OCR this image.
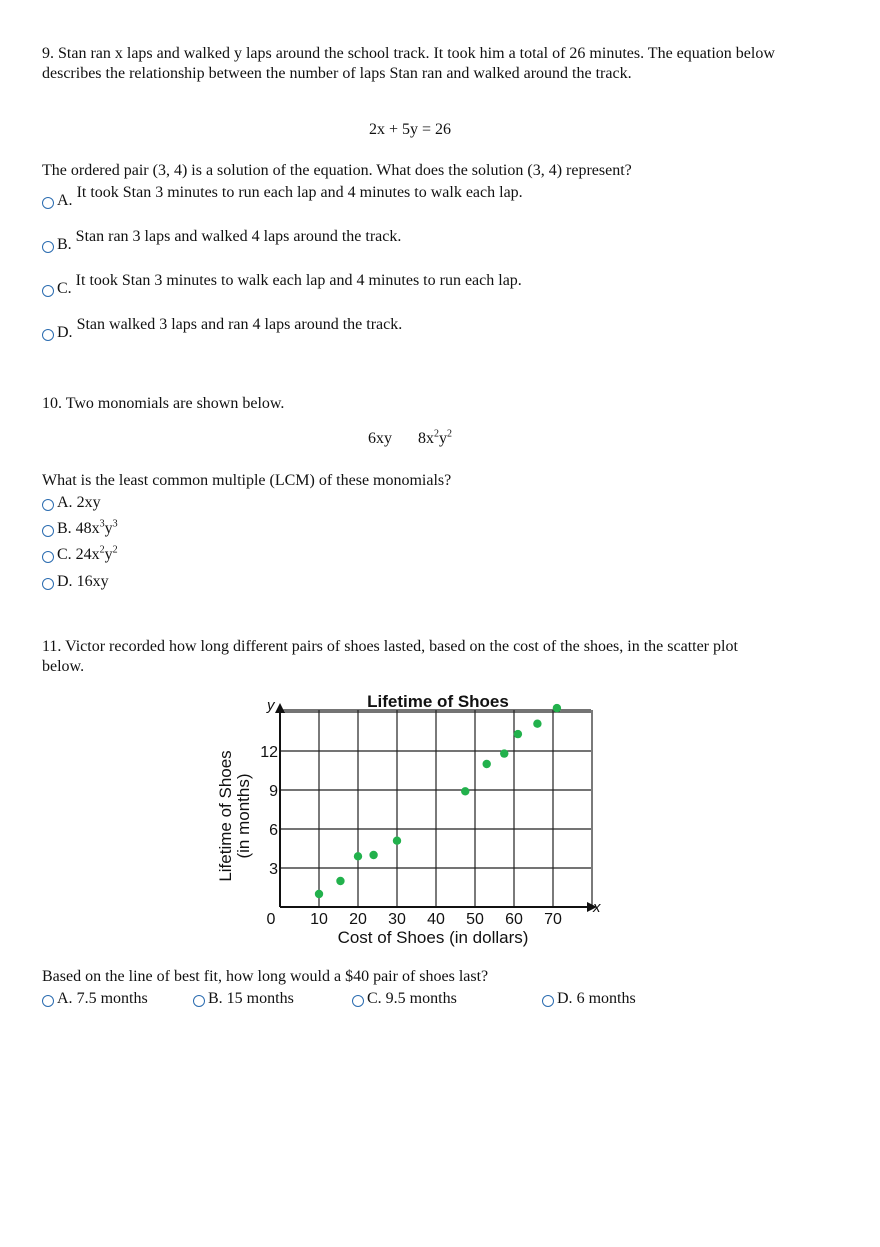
9. Stan ran x laps and walked y laps around the school track. It took him a total of 26 minutes. The equation below describes the relationship between the number of laps Stan ran and walked around the track.
2x + 5y = 26
The ordered pair (3, 4) is a solution of the equation. What does the solution (3, 4) represent?
A. It took Stan 3 minutes to run each lap and 4 minutes to walk each lap.
B. Stan ran 3 laps and walked 4 laps around the track.
C. It took Stan 3 minutes to walk each lap and 4 minutes to run each lap.
D. Stan walked 3 laps and ran 4 laps around the track.
10. Two monomials are shown below.
6xy $8x^2y^2$
What is the least common multiple (LCM) of these monomials?
A. 2xy
B. $48x^3y^3$
C. $24x^2y^2$
D. 16xy
11. Victor recorded how long different pairs of shoes lasted, based on the cost of the shoes, in the scatter plot below.
10 20 30 40 50 60 70
3
6
9
12
Lifetime of Shoes
Cost of Shoes (in dollars)
Lifetime of Shoes (in months)
x
y
0
Based on the line of best fit, how long would a $40 pair of shoes last?
A. 7.5 months	B. 15 months	C. 9.5 months	D. 6 months
